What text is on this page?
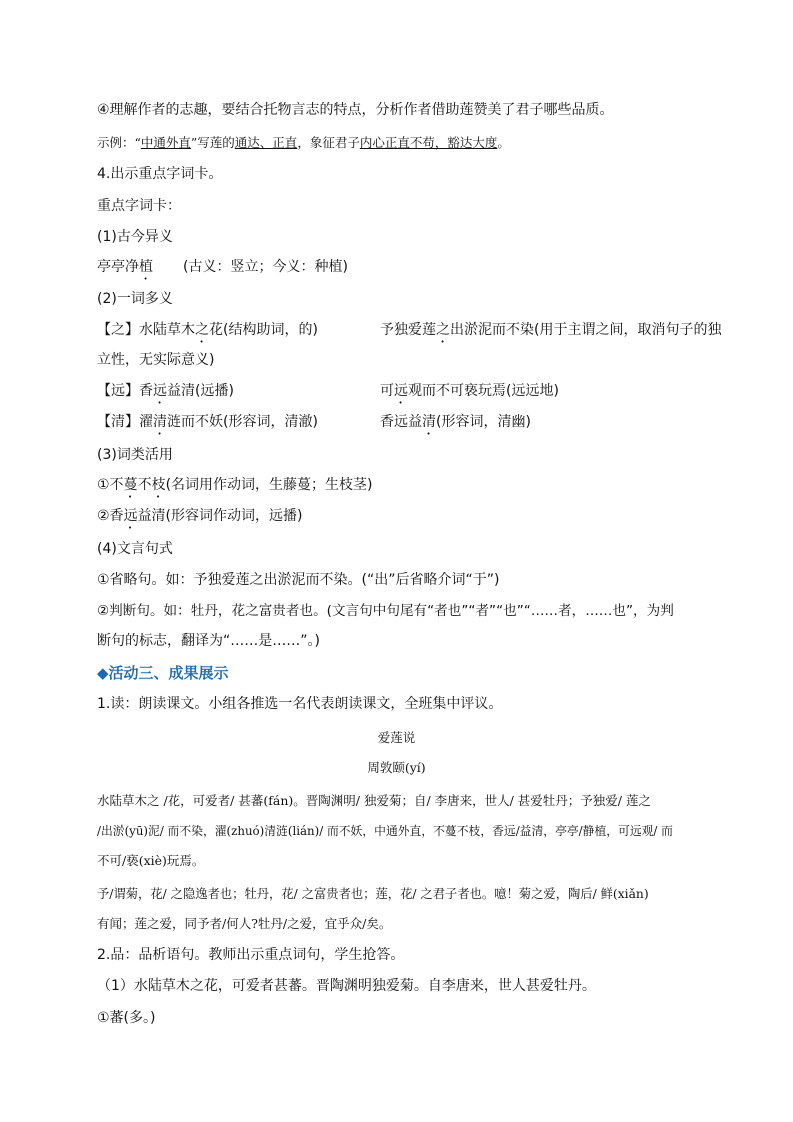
④理解作者的志趣，要结合托物言志的特点，分析作者借助莲赞美了君子哪些品质。
示例：“中通外直”写莲的通达、正直，象征君子内心正直不苟，豁达大度。
4.出示重点字词卡。
重点字词卡：
(1)古今异义
亭亭净植 (古义：竖立；今义：种植)
(2)一词多义
【之】水陆草木之花(结构助词，的)	予独爱莲之出淤泥而不染(用于主谓之间，取消句子的独
立性，无实际意义)
【远】香远益清(远播)	可远观而不可亵玩焉(远远地)
【清】濯清涟而不妖(形容词，清澈)	香远益清(形容词，清幽)
(3)词类活用
①不蔓不枝(名词用作动词，生藤蔓；生枝茎)
②香远益清(形容词作动词，远播)
(4)文言句式
①省略句。如：予独爱莲之出淤泥而不染。(“出”后省略介词“于”)
②判断句。如：牡丹，花之富贵者也。(文言句中句尾有“者也”“者”“也”“……者，……也”，为判
断句的标志，翻译为“……是……”。)
◆活动三、成果展示
1.读：朗读课文。小组各推选一名代表朗读课文，全班集中评议。
爱莲说
周敦颐(yí)
水陆草木之 /花，可爱者/ 甚蕃(fán)。晋陶渊明/ 独爱菊；自/ 李唐来，世人/ 甚爱牡丹；予独爱/ 莲之
/出淤(yū)泥/ 而不染，濯(zhuó)清涟(lián)/ 而不妖，中通外直，不蔓不枝，香远/益清，亭亭/静植，可远观/ 而
不可/亵(xiè)玩焉。
予/谓菊，花/ 之隐逸者也；牡丹，花/ 之富贵者也；莲，花/ 之君子者也。噫！菊之爱，陶后/ 鲜(xiǎn)
有闻；莲之爱，同予者/何人?牡丹/之爱，宜乎众/矣。
2.品：品析语句。教师出示重点词句，学生抢答。
（1）水陆草木之花，可爱者甚蕃。晋陶渊明独爱菊。自李唐来，世人甚爱牡丹。
①蕃(多。)
